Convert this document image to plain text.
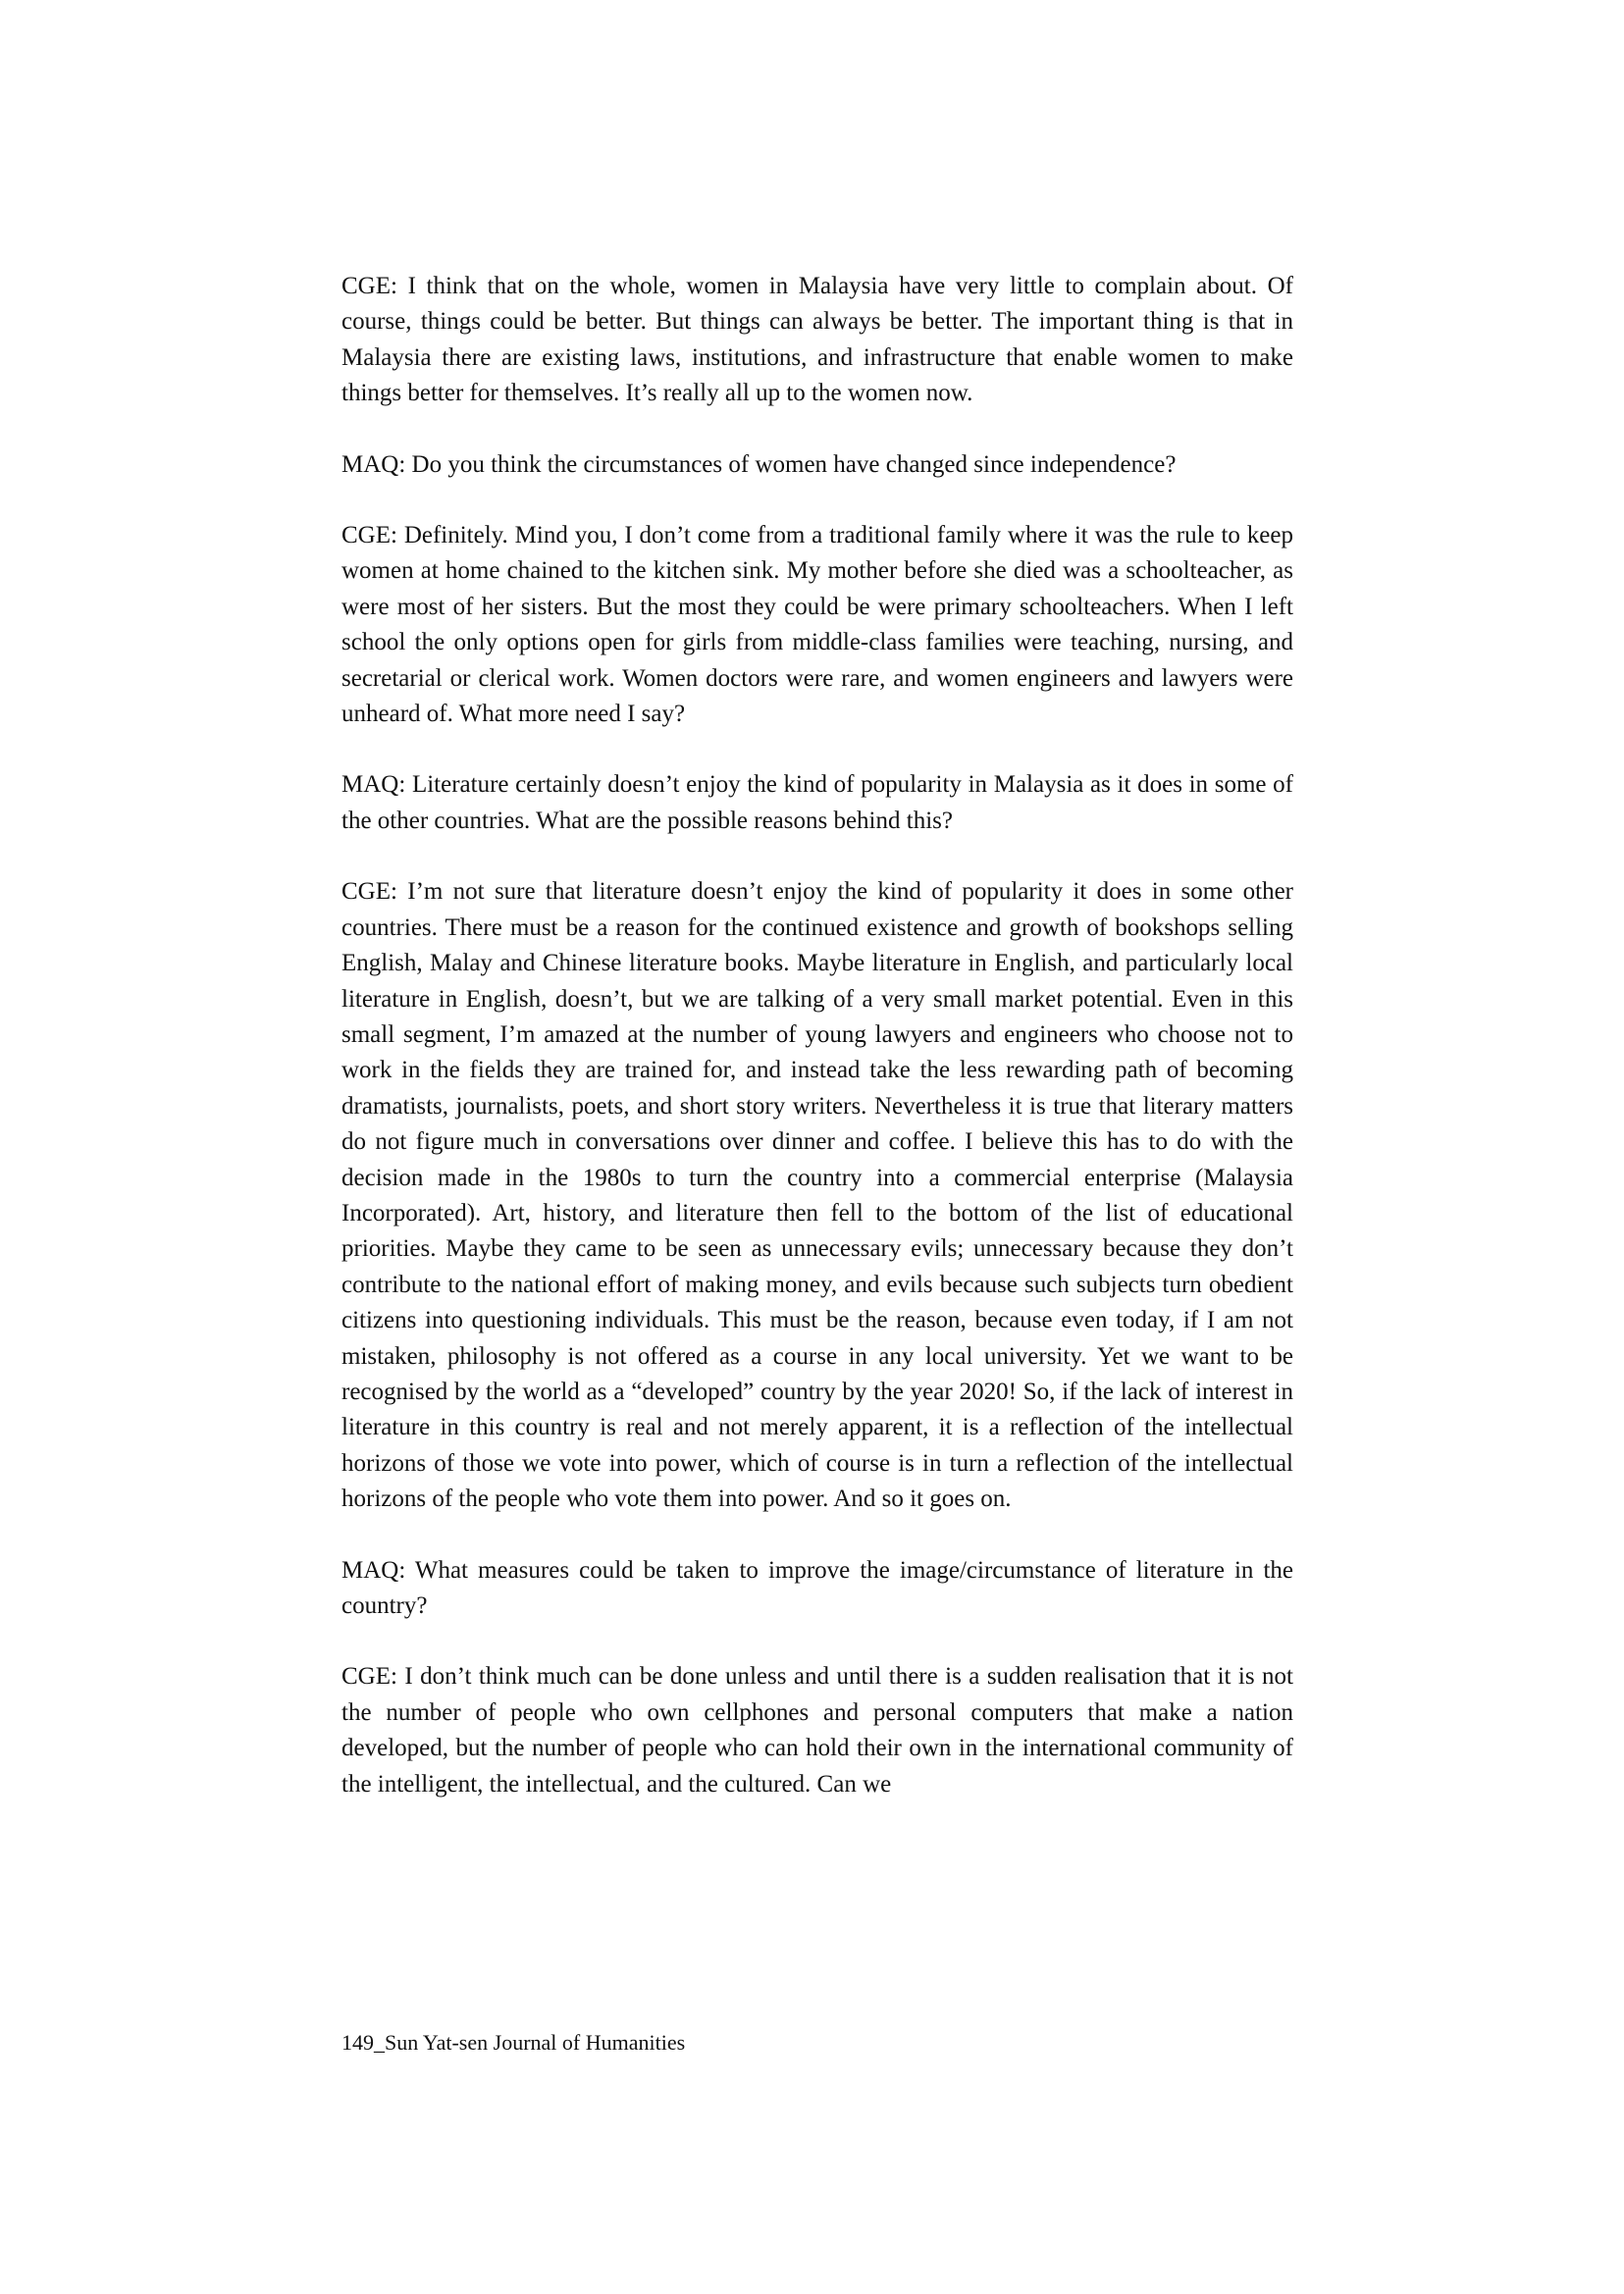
CGE: I think that on the whole, women in Malaysia have very little to complain about. Of course, things could be better. But things can always be better. The important thing is that in Malaysia there are existing laws, institutions, and infrastructure that enable women to make things better for themselves. It’s really all up to the women now.

MAQ: Do you think the circumstances of women have changed since independence?

CGE: Definitely. Mind you, I don’t come from a traditional family where it was the rule to keep women at home chained to the kitchen sink. My mother before she died was a schoolteacher, as were most of her sisters. But the most they could be were primary schoolteachers. When I left school the only options open for girls from middle-class families were teaching, nursing, and secretarial or clerical work. Women doctors were rare, and women engineers and lawyers were unheard of. What more need I say?

MAQ: Literature certainly doesn’t enjoy the kind of popularity in Malaysia as it does in some of the other countries. What are the possible reasons behind this?

CGE: I’m not sure that literature doesn’t enjoy the kind of popularity it does in some other countries. There must be a reason for the continued existence and growth of bookshops selling English, Malay and Chinese literature books. Maybe literature in English, and particularly local literature in English, doesn’t, but we are talking of a very small market potential. Even in this small segment, I’m amazed at the number of young lawyers and engineers who choose not to work in the fields they are trained for, and instead take the less rewarding path of becoming dramatists, journalists, poets, and short story writers. Nevertheless it is true that literary matters do not figure much in conversations over dinner and coffee. I believe this has to do with the decision made in the 1980s to turn the country into a commercial enterprise (Malaysia Incorporated). Art, history, and literature then fell to the bottom of the list of educational priorities. Maybe they came to be seen as unnecessary evils; unnecessary because they don’t contribute to the national effort of making money, and evils because such subjects turn obedient citizens into questioning individuals. This must be the reason, because even today, if I am not mistaken, philosophy is not offered as a course in any local university. Yet we want to be recognised by the world as a “developed” country by the year 2020! So, if the lack of interest in literature in this country is real and not merely apparent, it is a reflection of the intellectual horizons of those we vote into power, which of course is in turn a reflection of the intellectual horizons of the people who vote them into power. And so it goes on.

MAQ: What measures could be taken to improve the image/circumstance of literature in the country?

CGE: I don’t think much can be done unless and until there is a sudden realisation that it is not the number of people who own cellphones and personal computers that make a nation developed, but the number of people who can hold their own in the international community of the intelligent, the intellectual, and the cultured. Can we

149_Sun Yat-sen Journal of Humanities
